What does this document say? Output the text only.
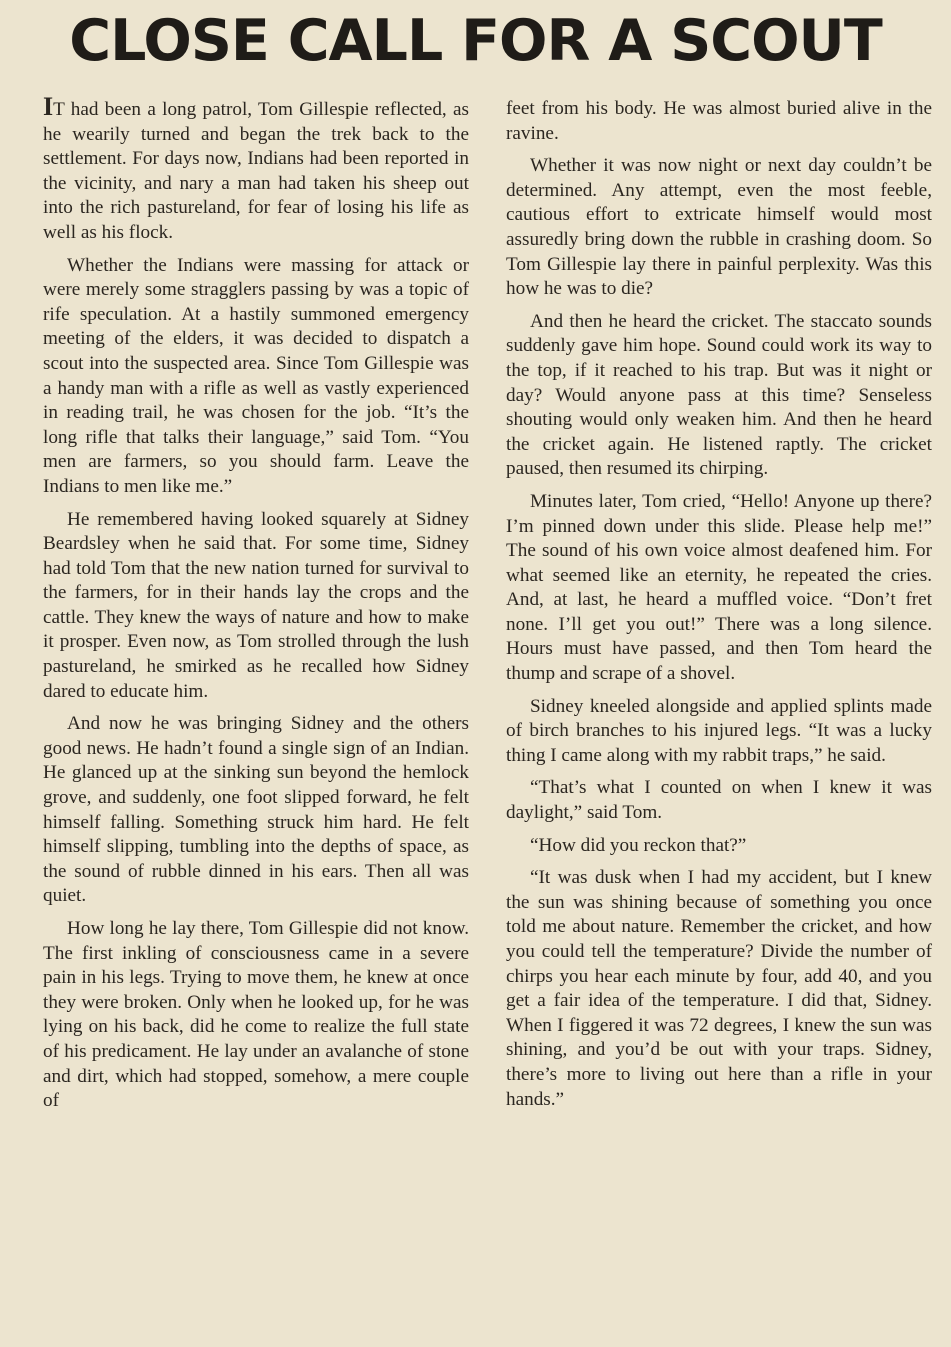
CLOSE CALL FOR A SCOUT

IT had been a long patrol, Tom Gillespie reflected, as he wearily turned and began the trek back to the settlement. For days now, Indians had been reported in the vicinity, and nary a man had taken his sheep out into the rich pastureland, for fear of losing his life as well as his flock.

Whether the Indians were massing for attack or were merely some stragglers passing by was a topic of rife speculation. At a hastily summoned emergency meeting of the elders, it was decided to dispatch a scout into the suspected area. Since Tom Gillespie was a handy man with a rifle as well as vastly experienced in reading trail, he was chosen for the job. “It’s the long rifle that talks their language,” said Tom. “You men are farmers, so you should farm. Leave the Indians to men like me.”

He remembered having looked squarely at Sidney Beardsley when he said that. For some time, Sidney had told Tom that the new nation turned for survival to the farmers, for in their hands lay the crops and the cattle. They knew the ways of nature and how to make it prosper. Even now, as Tom strolled through the lush pastureland, he smirked as he recalled how Sidney dared to educate him.

And now he was bringing Sidney and the others good news. He hadn’t found a single sign of an Indian. He glanced up at the sinking sun beyond the hemlock grove, and suddenly, one foot slipped forward, he felt himself falling. Something struck him hard. He felt himself slipping, tumbling into the depths of space, as the sound of rubble dinned in his ears. Then all was quiet.

How long he lay there, Tom Gillespie did not know. The first inkling of consciousness came in a severe pain in his legs. Trying to move them, he knew at once they were broken. Only when he looked up, for he was lying on his back, did he come to realize the full state of his predicament. He lay under an avalanche of stone and dirt, which had stopped, somehow, a mere couple of

feet from his body. He was almost buried alive in the ravine.

Whether it was now night or next day couldn’t be determined. Any attempt, even the most feeble, cautious effort to extricate himself would most assuredly bring down the rubble in crashing doom. So Tom Gillespie lay there in painful perplexity. Was this how he was to die?

And then he heard the cricket. The staccato sounds suddenly gave him hope. Sound could work its way to the top, if it reached to his trap. But was it night or day? Would anyone pass at this time? Senseless shouting would only weaken him. And then he heard the cricket again. He listened raptly. The cricket paused, then resumed its chirping.

Minutes later, Tom cried, “Hello! Anyone up there? I’m pinned down under this slide. Please help me!” The sound of his own voice almost deafened him. For what seemed like an eternity, he repeated the cries. And, at last, he heard a muffled voice. “Don’t fret none. I’ll get you out!” There was a long silence. Hours must have passed, and then Tom heard the thump and scrape of a shovel.

Sidney kneeled alongside and applied splints made of birch branches to his injured legs. “It was a lucky thing I came along with my rabbit traps,” he said.

“That’s what I counted on when I knew it was daylight,” said Tom.

“How did you reckon that?”

“It was dusk when I had my accident, but I knew the sun was shining because of something you once told me about nature. Remember the cricket, and how you could tell the temperature? Divide the number of chirps you hear each minute by four, add 40, and you get a fair idea of the temperature. I did that, Sidney. When I figgered it was 72 degrees, I knew the sun was shining, and you’d be out with your traps. Sidney, there’s more to living out here than a rifle in your hands.”
